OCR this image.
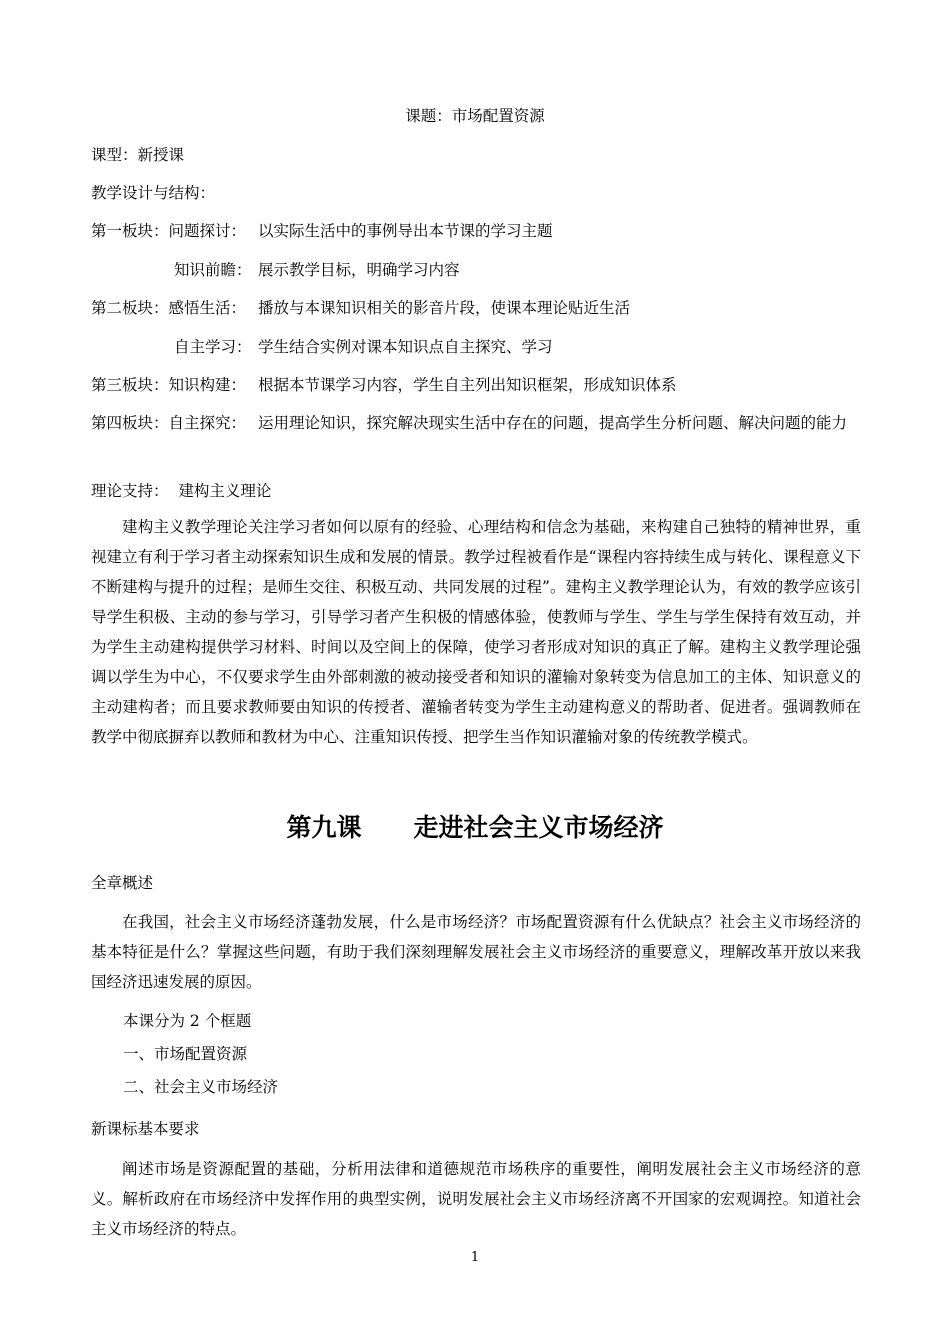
课题：市场配置资源
课型：新授课
教学设计与结构：
第一板块：问题探讨： 以实际生活中的事例导出本节课的学习主题
知识前瞻： 展示教学目标，明确学习内容
第二板块：感悟生活： 播放与本课知识相关的影音片段，使课本理论贴近生活
自主学习： 学生结合实例对课本知识点自主探究、学习
第三板块：知识构建： 根据本节课学习内容，学生自主列出知识框架，形成知识体系
第四板块：自主探究： 运用理论知识，探究解决现实生活中存在的问题，提高学生分析问题、解决问题的能力
理论支持：  建构主义理论
建构主义教学理论关注学习者如何以原有的经验、心理结构和信念为基础，来构建自己独特的精神世界，重视建立有利于学习者主动探索知识生成和发展的情景。教学过程被看作是“课程内容持续生成与转化、课程意义下不断建构与提升的过程；是师生交往、积极互动、共同发展的过程”。建构主义教学理论认为，有效的教学应该引导学生积极、主动的参与学习，引导学习者产生积极的情感体验，使教师与学生、学生与学生保持有效互动，并为学生主动建构提供学习材料、时间以及空间上的保障，使学习者形成对知识的真正了解。建构主义教学理论强调以学生为中心，不仅要求学生由外部刺激的被动接受者和知识的灌输对象转变为信息加工的主体、知识意义的主动建构者；而且要求教师要由知识的传授者、灌输者转变为学生主动建构意义的帮助者、促进者。强调教师在教学中彻底摒弃以教师和教材为中心、注重知识传授、把学生当作知识灌输对象的传统教学模式。
第九课 走进社会主义市场经济
全章概述
在我国，社会主义市场经济蓬勃发展，什么是市场经济？市场配置资源有什么优缺点？社会主义市场经济的基本特征是什么？掌握这些问题，有助于我们深刻理解发展社会主义市场经济的重要意义，理解改革开放以来我国经济迅速发展的原因。
本课分为 2 个框题
一、市场配置资源
二、社会主义市场经济
新课标基本要求
阐述市场是资源配置的基础，分析用法律和道德规范市场秩序的重要性，阐明发展社会主义市场经济的意义。解析政府在市场经济中发挥作用的典型实例，说明发展社会主义市场经济离不开国家的宏观调控。知道社会主义市场经济的特点。
1
